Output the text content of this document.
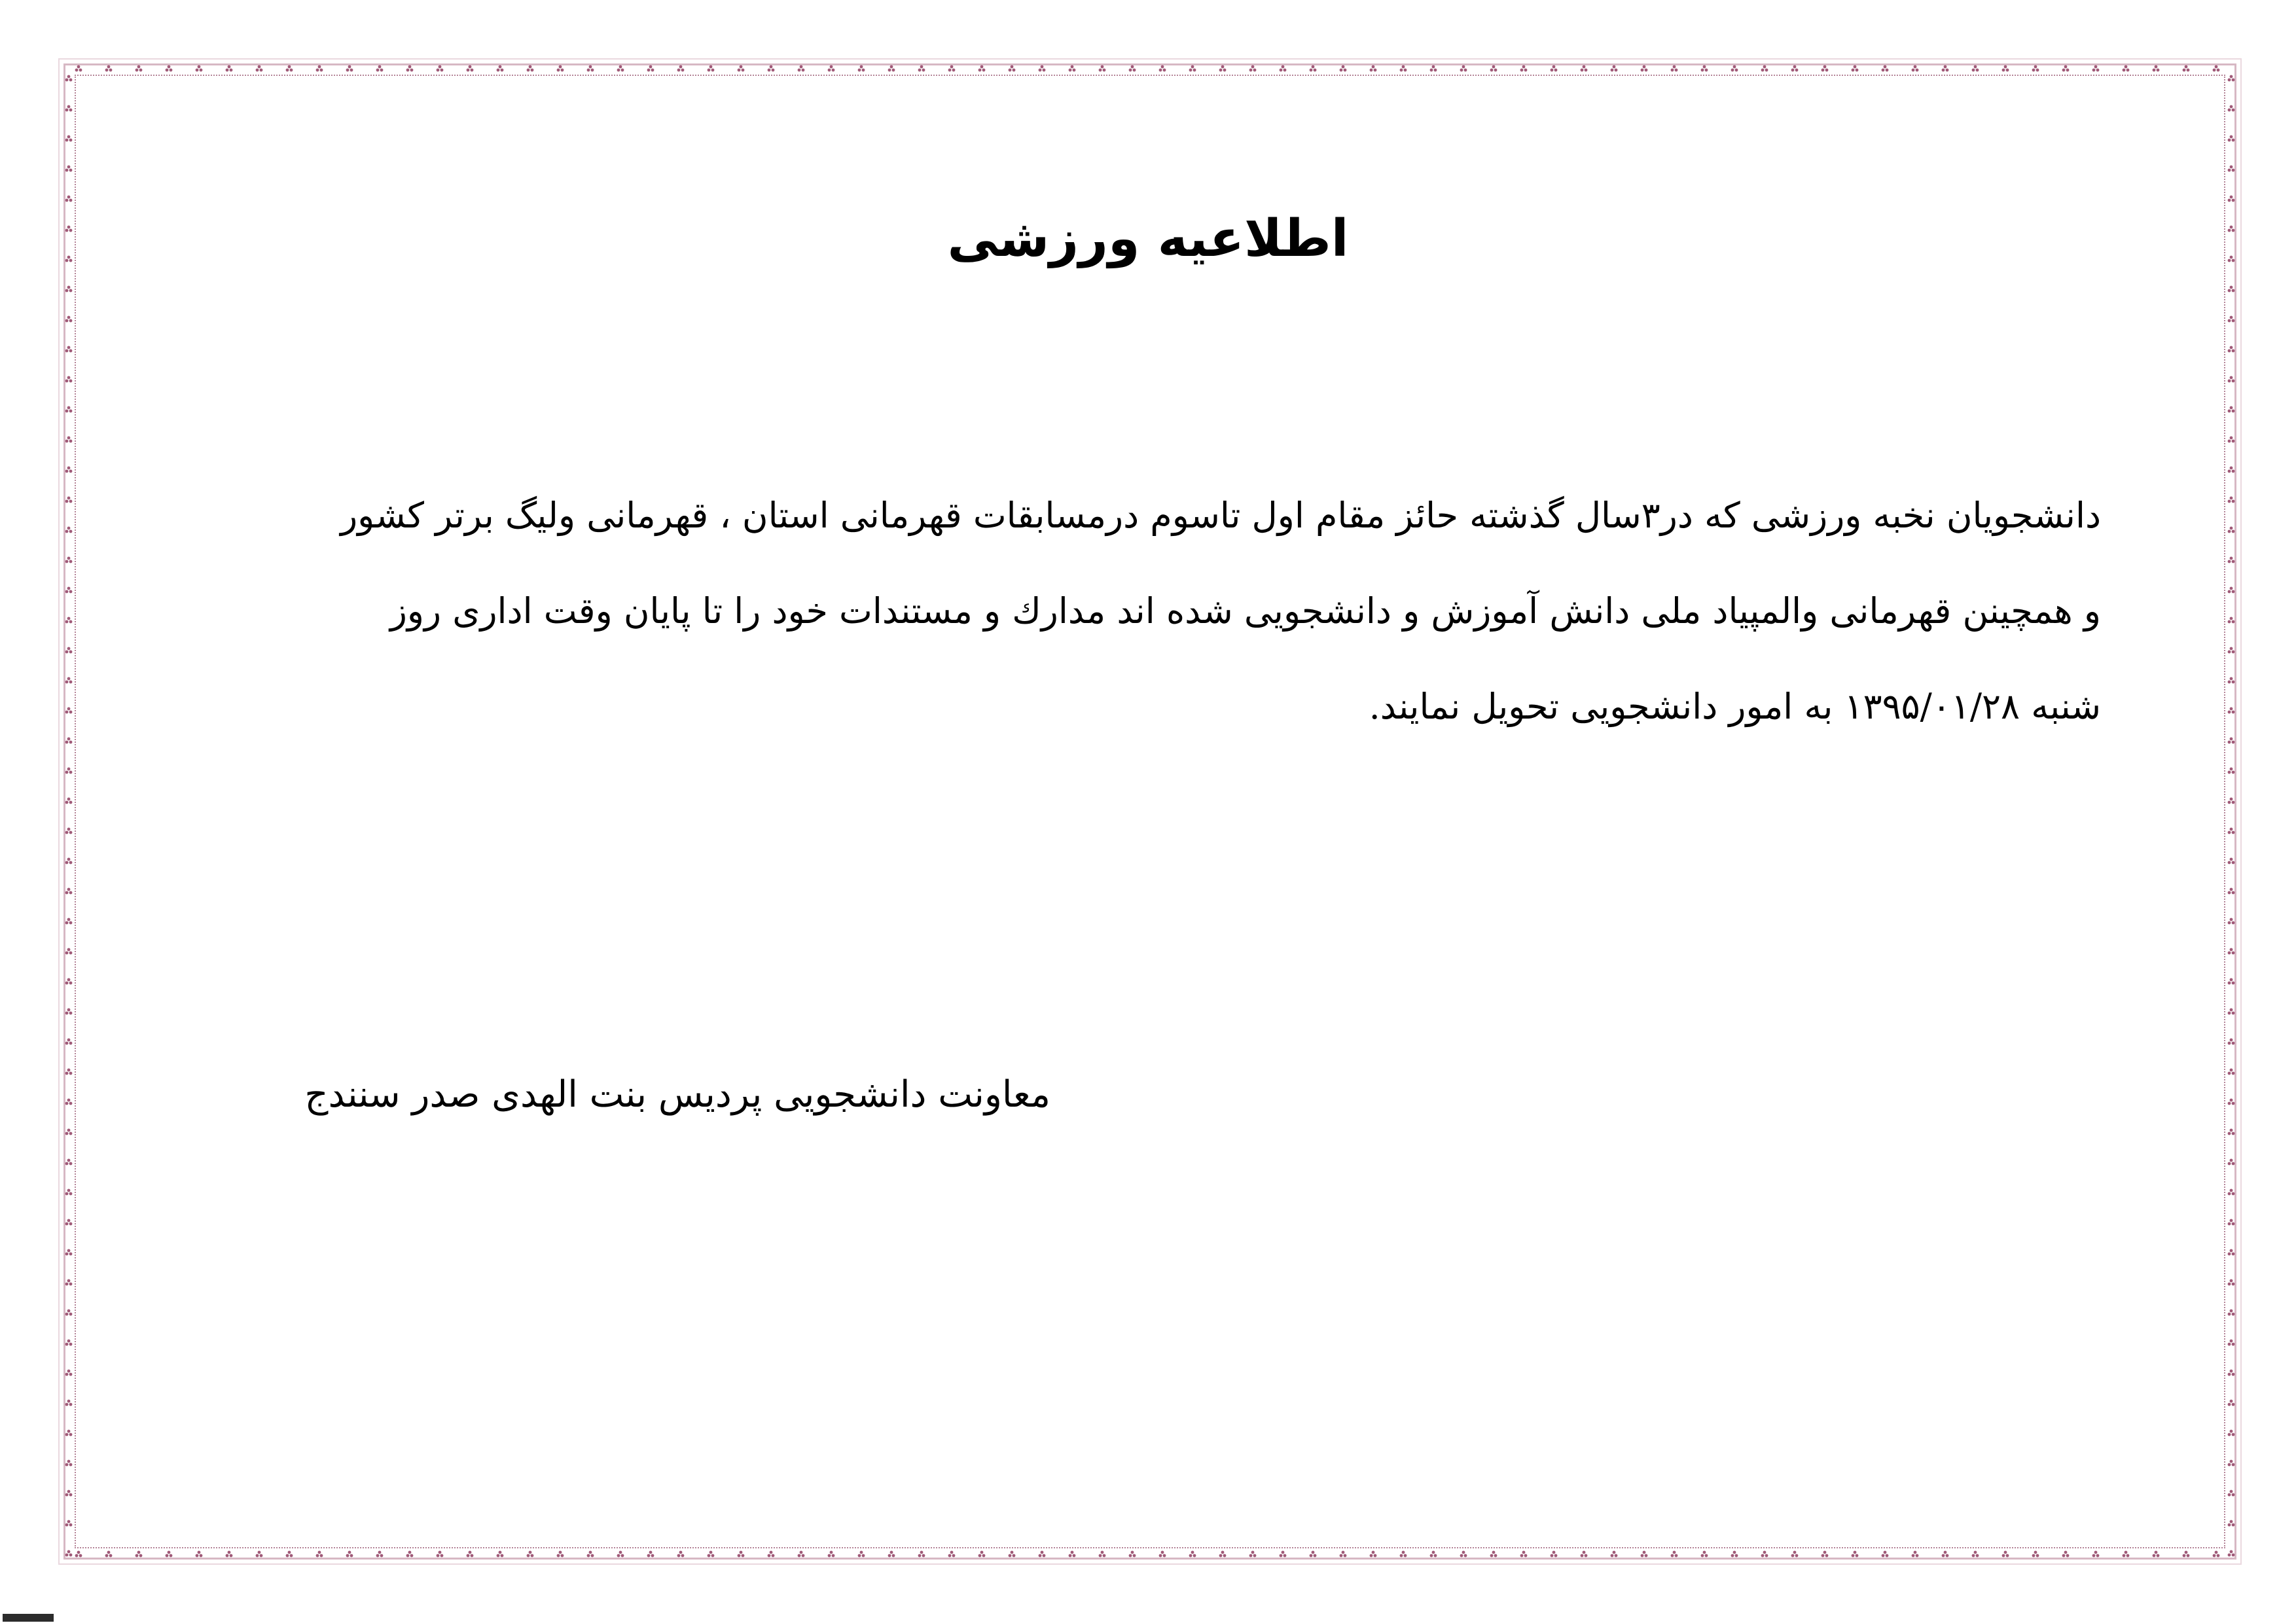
اطلاعیه ورزشی
دانشجویان نخبه ورزشی که در۳سال گذشته حائز مقام اول تاسوم درمسابقات قهرمانی استان ، قهرمانی ولیگ برتر کشور
و همچینن قهرمانی والمپیاد ملی دانش آموزش و دانشجویی شده اند مدارك و مستندات خود را تا پایان وقت اداری روز
شنبه ۱۳۹۵/۰۱/۲۸ به امور دانشجویی تحویل نمایند.
معاونت دانشجویی پردیس بنت الهدی صدر سنندج
